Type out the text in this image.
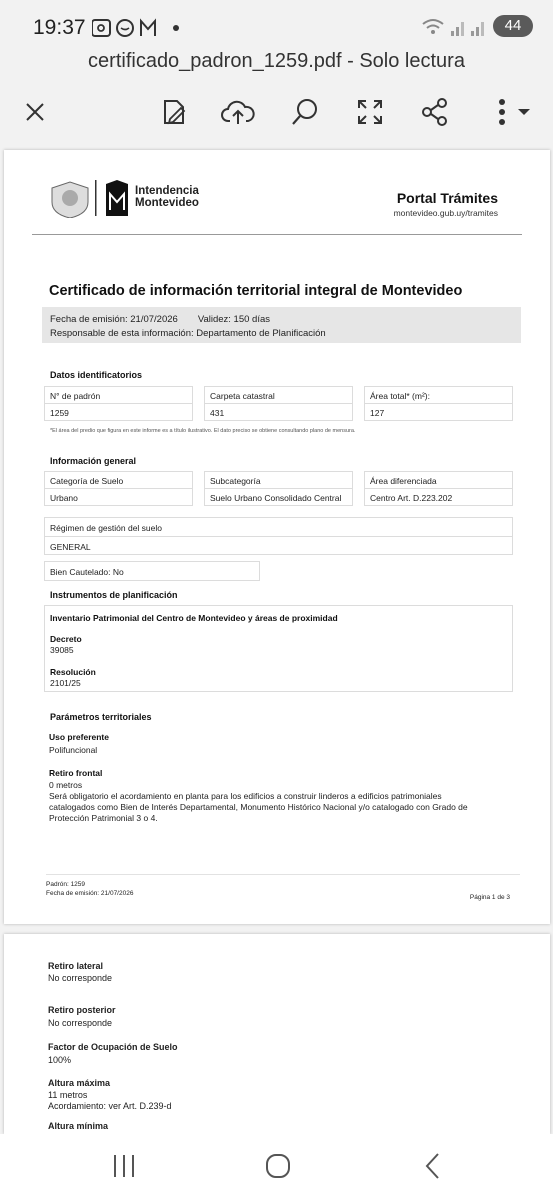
19:37	44
certificado_padron_1259.pdf - Solo lectura
Intendencia
Montevideo	Portal Trámites
montevideo.gub.uy/tramites
Certificado de información territorial integral de Montevideo
Fecha de emisión: 21/07/2026 Validez: 150 días
Responsable de esta información: Departamento de Planificación
Datos identificatorios
N° de padrón
1259
Carpeta catastral
431
Área total* (m²):
127
*El área del predio que figura en este informe es a título ilustrativo. El dato preciso se obtiene consultando plano de mensura.
Información general
Categoría de Suelo
Urbano
Subcategoría
Suelo Urbano Consolidado Central
Área diferenciada
Centro Art. D.223.202
Régimen de gestión del suelo
GENERAL
Bien Cautelado: No
Instrumentos de planificación
Inventario Patrimonial del Centro de Montevideo y áreas de proximidad
Decreto
39085
Resolución
2101/25
Parámetros territoriales
Uso preferente
Polifuncional
Retiro frontal
0 metros
Será obligatorio el acordamiento en planta para los edificios a construir linderos a edificios patrimoniales
catalogados como Bien de Interés Departamental, Monumento Histórico Nacional y/o catalogado con Grado de
Protección Patrimonial 3 o 4.
Padrón: 1259
Fecha de emisión: 21/07/2026
Página 1 de 3
Retiro lateral
No corresponde
Retiro posterior
No corresponde
Factor de Ocupación de Suelo
100%
Altura máxima
11 metros
Acordamiento: ver Art. D.239-d
Altura mínima
